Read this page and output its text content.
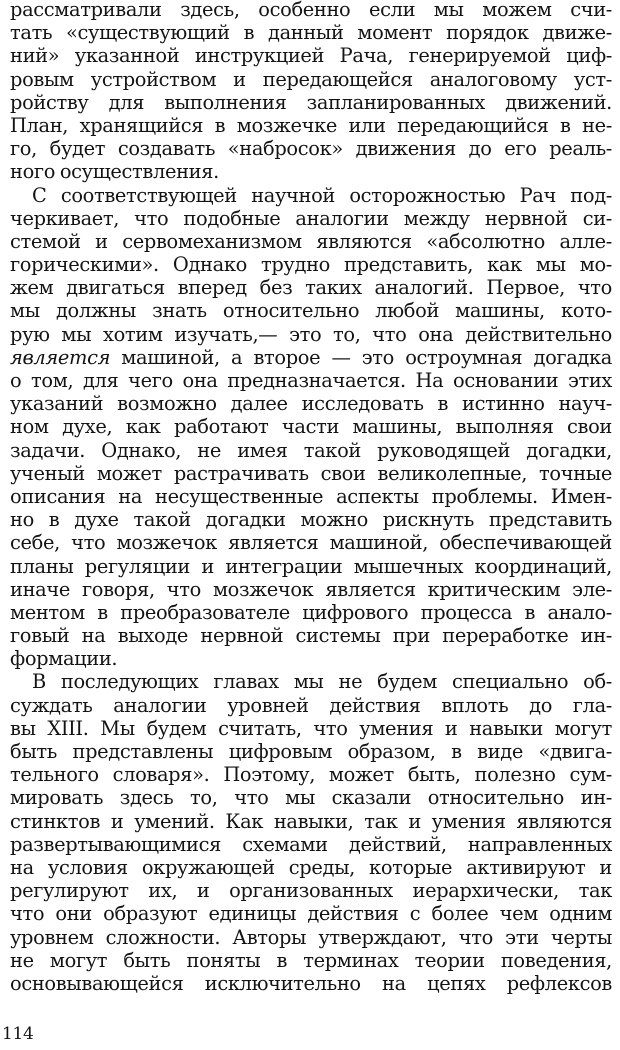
рассматривали здесь, особенно если мы можем счи-
тать «существующий в данный момент порядок движе-
ний» указанной инструкцией Рача, генерируемой циф-
ровым устройством и передающейся аналоговому уст-
ройству для выполнения запланированных движений.
План, хранящийся в мозжечке или передающийся в не-
го, будет создавать «набросок» движения до его реаль-
ного осуществления.
С соответствующей научной осторожностью Рач под-
черкивает, что подобные аналогии между нервной си-
стемой и сервомеханизмом являются «абсолютно алле-
горическими». Однако трудно представить, как мы мо-
жем двигаться вперед без таких аналогий. Первое, что
мы должны знать относительно любой машины, кото-
рую мы хотим изучать,— это то, что она действительно
является машиной, а второе — это остроумная догадка
о том, для чего она предназначается. На основании этих
указаний возможно далее исследовать в истинно науч-
ном духе, как работают части машины, выполняя свои
задачи. Однако, не имея такой руководящей догадки,
ученый может растрачивать свои великолепные, точные
описания на несущественные аспекты проблемы. Имен-
но в духе такой догадки можно рискнуть представить
себе, что мозжечок является машиной, обеспечивающей
планы регуляции и интеграции мышечных координаций,
иначе говоря, что мозжечок является критическим эле-
ментом в преобразователе цифрового процесса в анало-
говый на выходе нервной системы при переработке ин-
формации.
В последующих главах мы не будем специально об-
суждать аналогии уровней действия вплоть до гла-
вы XIII. Мы будем считать, что умения и навыки могут
быть представлены цифровым образом, в виде «двига-
тельного словаря». Поэтому, может быть, полезно сум-
мировать здесь то, что мы сказали относительно ин-
стинктов и умений. Как навыки, так и умения являются
развертывающимися схемами действий, направленных
на условия окружающей среды, которые активируют и
регулируют их, и организованных иерархически, так
что они образуют единицы действия с более чем одним
уровнем сложности. Авторы утверждают, что эти черты
не могут быть поняты в терминах теории поведения,
основывающейся исключительно на цепях рефлексов
114
